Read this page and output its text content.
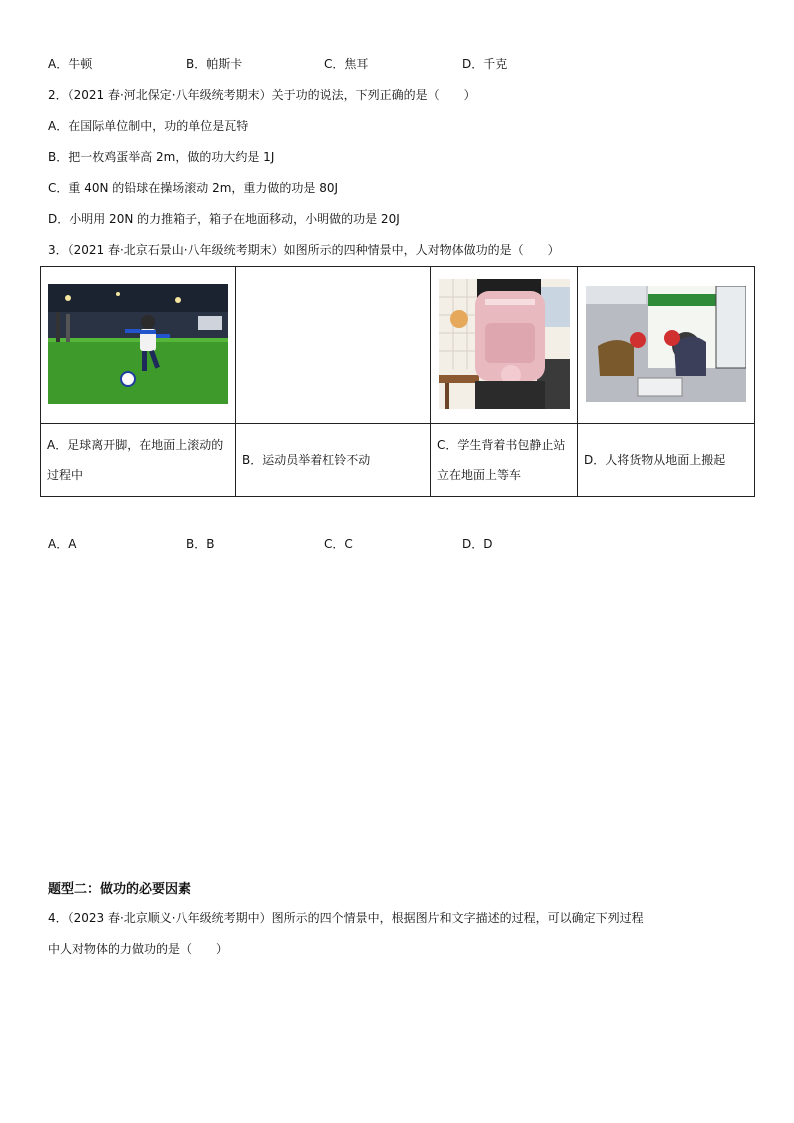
A．牛顿	B．帕斯卡	C．焦耳	D．千克
2．（2021 春·河北保定·八年级统考期末）关于功的说法，下列正确的是（　　）
A．在国际单位制中，功的单位是瓦特
B．把一枚鸡蛋举高 2m，做的功大约是 1J
C．重 40N 的铅球在操场滚动 2m，重力做的功是 80J
D．小明用 20N 的力推箱子，箱子在地面移动，小明做的功是 20J
3．（2021 春·北京石景山·八年级统考期末）如图所示的四种情景中，人对物体做功的是（　　）

A．足球离开脚，在地面上滚动的过程中	B．运动员举着杠铃不动	C．学生背着书包静止站立在地面上等车	D．人将货物从地面上搬起
A．A	B．B	C．C	D．D
题型二：做功的必要因素
4．（2023 春·北京顺义·八年级统考期中）图所示的四个情景中，根据图片和文字描述的过程，可以确定下列过程
中人对物体的力做功的是（　　）
